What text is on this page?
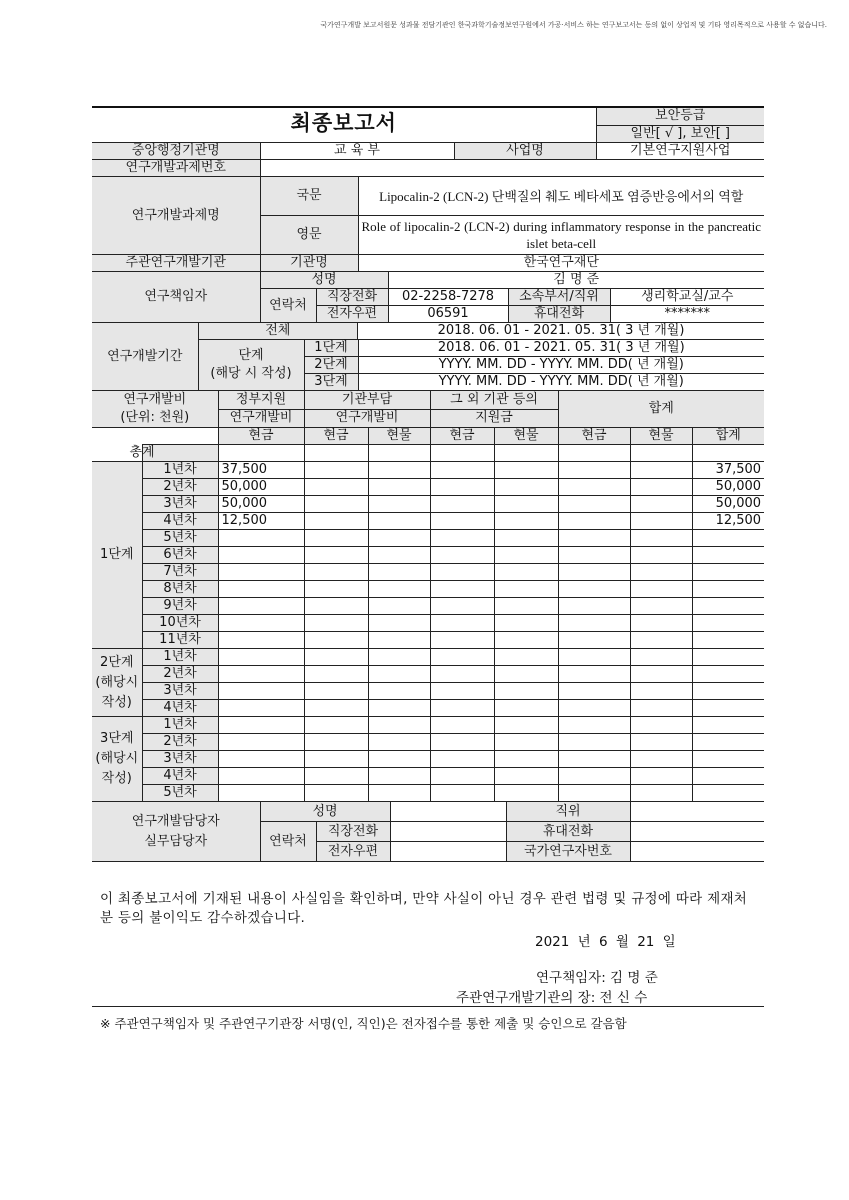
국가연구개발 보고서원문 성과물 전담기관인 한국과학기술정보연구원에서 가공·서비스 하는 연구보고서는 동의 없이 상업적 및 기타 영리목적으로 사용할 수 없습니다.
최종보고서			보안등급
			일반[ √ ], 보안[ ]
중앙행정기관명	교 육 부	사업명	기본연구지원사업
연구개발과제번호			
연구개발과제명	국문	Lipocalin-2 (LCN-2) 단백질의 췌도 베타세포 염증반응에서의 역할
	영문	Role of lipocalin-2 (LCN-2) during inflammatory response in the pancreatic islet beta-cell
주관연구개발기관	기관명	한국연구재단
연구책임자	성명		김 명 준		
	연락처	직장전화	02-2258-7278	소속부서/직위	생리학교실/교수
		전자우편	06591	휴대전화	*******
연구개발기간	
전체	2018. 06. 01 - 2021. 05. 31( 3 년 개월)

단계
(해당 시 작성)
	1단계	2018. 06. 01 - 2021. 05. 31( 3 년 개월)
2단계	YYYY. MM. DD - YYYY. MM. DD( 년 개월)
3단계	YYYY. MM. DD - YYYY. MM. DD( 년 개월)
연구개발비
(단위: 천원)		정부지원	기관부담		그 외 기관 등의		합계		
		연구개발비	연구개발비		지원금				
		현금	현금	현물	현금	현물	현금	현물	합계
	총계								

1단계	1년차	37,500							37,500
	2년차	50,000							50,000
	3년차	50,000							50,000
	4년차	12,500							12,500
	5년차								
	6년차								
	7년차								
	8년차								
	9년차								
	10년차								
	11년차								

2단계
(해당시
작성)	1년차								
	2년차								
	3년차								
	4년차								

3단계
(해당시
작성)	1년차								
	2년차								
	3년차								
	4년차								
	5년차								
연구개발담당자
실무담당자	성명			직위	
	연락처	직장전화		휴대전화	
		전자우편		국가연구자번호	
이 최종보고서에 기재된 내용이 사실임을 확인하며, 만약 사실이 아닌 경우 관련 법령 및 규정에 따라 제재처분 등의 불이익도 감수하겠습니다.
2021 년 6 월 21 일
연구책임자: 김 명 준
주관연구개발기관의 장: 전 신 수
※ 주관연구책임자 및 주관연구기관장 서명(인, 직인)은 전자접수를 통한 제출 및 승인으로 갈음함
